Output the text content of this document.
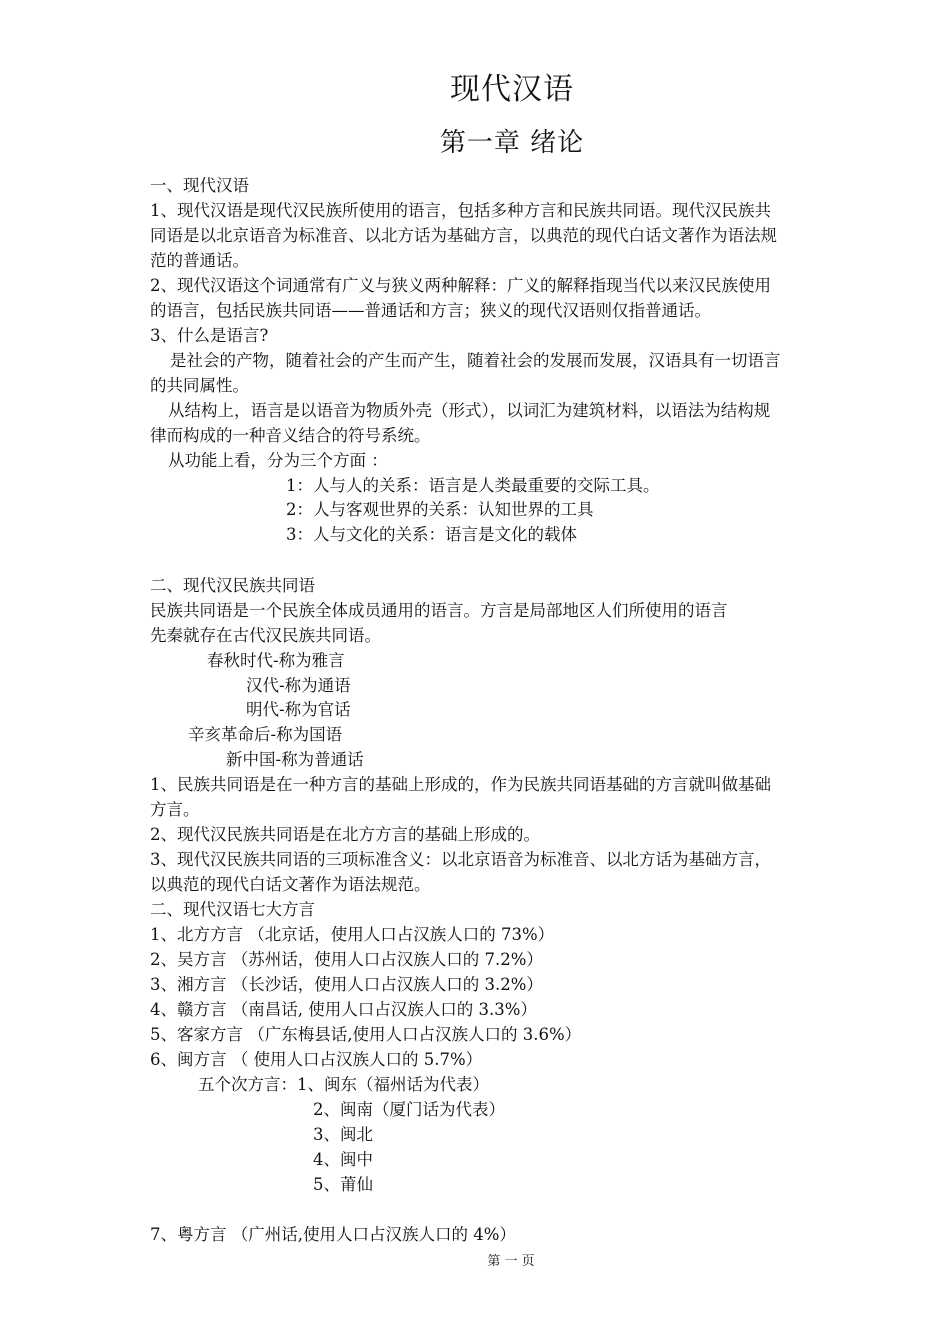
现代汉语
第一章 绪论
一、现代汉语
1、现代汉语是现代汉民族所使用的语言，包括多种方言和民族共同语。现代汉民族共
同语是以北京语音为标准音、以北方话为基础方言，以典范的现代白话文著作为语法规
范的普通话。
2、现代汉语这个词通常有广义与狭义两种解释：广义的解释指现当代以来汉民族使用
的语言，包括民族共同语——普通话和方言；狭义的现代汉语则仅指普通话。
3、什么是语言?
是社会的产物，随着社会的产生而产生，随着社会的发展而发展，汉语具有一切语言
的共同属性。
从结构上，语言是以语音为物质外壳（形式），以词汇为建筑材料，以语法为结构规
律而构成的一种音义结合的符号系统。
从功能上看，分为三个方面 ：
1：人与人的关系：语言是人类最重要的交际工具。
2：人与客观世界的关系：认知世界的工具
3：人与文化的关系：语言是文化的载体
二、现代汉民族共同语
民族共同语是一个民族全体成员通用的语言。方言是局部地区人们所使用的语言
先秦就存在古代汉民族共同语。
春秋时代-称为雅言
汉代-称为通语
明代-称为官话
辛亥革命后-称为国语
新中国-称为普通话
1、民族共同语是在一种方言的基础上形成的，作为民族共同语基础的方言就叫做基础
方言。
2、现代汉民族共同语是在北方方言的基础上形成的。
3、现代汉民族共同语的三项标准含义：以北京语音为标准音、以北方话为基础方言，
以典范的现代白话文著作为语法规范。
二、现代汉语七大方言
1、北方方言 （北京话，使用人口占汉族人口的 73%）
2、吴方言 （苏州话，使用人口占汉族人口的 7.2%）
3、湘方言 （长沙话，使用人口占汉族人口的 3.2%）
4、赣方言 （南昌话, 使用人口占汉族人口的 3.3%）
5、客家方言 （广东梅县话,使用人口占汉族人口的 3.6%）
6、闽方言 （ 使用人口占汉族人口的 5.7%）
五个次方言：1、闽东（福州话为代表）
2、闽南（厦门话为代表）
3、闽北
4、闽中
5、莆仙
7、粤方言 （广州话,使用人口占汉族人口的 4%）
第 一 页
